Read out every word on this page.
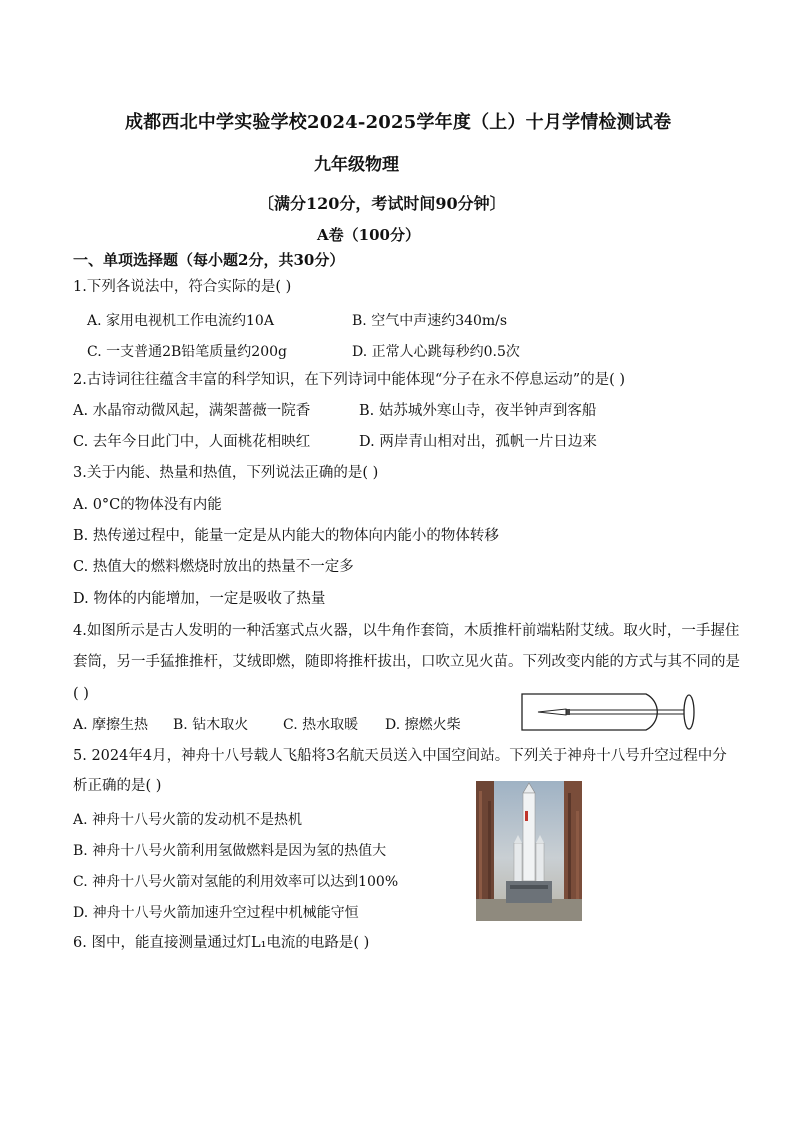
成都西北中学实验学校2024-2025学年度（上）十月学情检测试卷
九年级物理
〔满分120分，考试时间90分钟〕
A卷（100分）
一、单项选择题（每小题2分，共30分）
1.下列各说法中，符合实际的是( )
A. 家用电视机工作电流约10A	B. 空气中声速约340m/s
C. 一支普通2B铅笔质量约200g	D. 正常人心跳每秒约0.5次
2.古诗词往往蕴含丰富的科学知识，在下列诗词中能体现“分子在永不停息运动”的是( )
A. 水晶帘动微风起，满架蔷薇一院香	B. 姑苏城外寒山寺，夜半钟声到客船
C. 去年今日此门中，人面桃花相映红	D. 两岸青山相对出，孤帆一片日边来
3.关于内能、热量和热值，下列说法正确的是( )
A. 0°C的物体没有内能
B. 热传递过程中，能量一定是从内能大的物体向内能小的物体转移
C. 热值大的燃料燃烧时放出的热量不一定多
D. 物体的内能增加，一定是吸收了热量
4.如图所示是古人发明的一种活塞式点火器，以牛角作套筒，木质推杆前端粘附艾绒。取火时，一手握住
套筒，另一手猛推推杆，艾绒即燃，随即将推杆拔出，口吹立见火苗。下列改变内能的方式与其不同的是
( )
A. 摩擦生热 B. 钻木取火 C. 热水取暖 D. 擦燃火柴
5. 2024年4月，神舟十八号载人飞船将3名航天员送入中国空间站。下列关于神舟十八号升空过程中分
析正确的是( )
A. 神舟十八号火箭的发动机不是热机
B. 神舟十八号火箭利用氢做燃料是因为氢的热值大
C. 神舟十八号火箭对氢能的利用效率可以达到100%
D. 神舟十八号火箭加速升空过程中机械能守恒
6. 图中，能直接测量通过灯L₁电流的电路是( )
